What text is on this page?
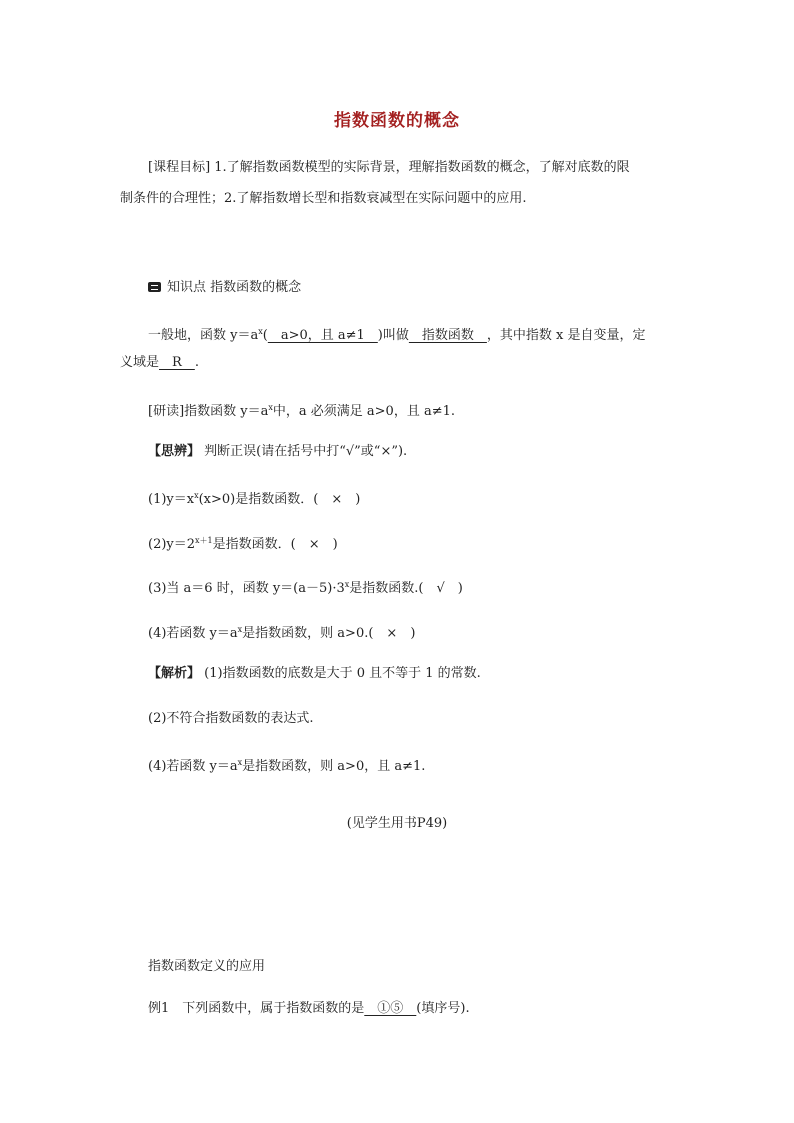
指数函数的概念
[课程目标] 1.了解指数函数模型的实际背景，理解指数函数的概念，了解对底数的限
制条件的合理性；2.了解指数增长型和指数衰减型在实际问题中的应用.
知识点 指数函数的概念
一般地，函数 $y=a^x$(　a>0，且 a≠1　)叫做　指数函数　，其中指数 x 是自变量，定
义域是　R　.
[研读]指数函数 $y=a^x$中，a 必须满足 a>0，且 a≠1.
【思辨】 判断正误(请在括号中打“√”或“×”).
$(1)y=x^x(x>0)$是指数函数．(　×　)
$(2)y=2^{x+1}$是指数函数．(　×　)
(3)当 a＝6 时，函数 $y=(a-5)\cdot 3^x$是指数函数.(　√　)
(4)若函数 $y=a^x$是指数函数，则 a>0.(　×　)
【解析】 (1)指数函数的底数是大于 0 且不等于 1 的常数.
(2)不符合指数函数的表达式.
(4)若函数 $y=a^x$是指数函数，则 a>0，且 a≠1.
(见学生用书P49)
指数函数定义的应用
例1　下列函数中，属于指数函数的是　①⑤　(填序号).
